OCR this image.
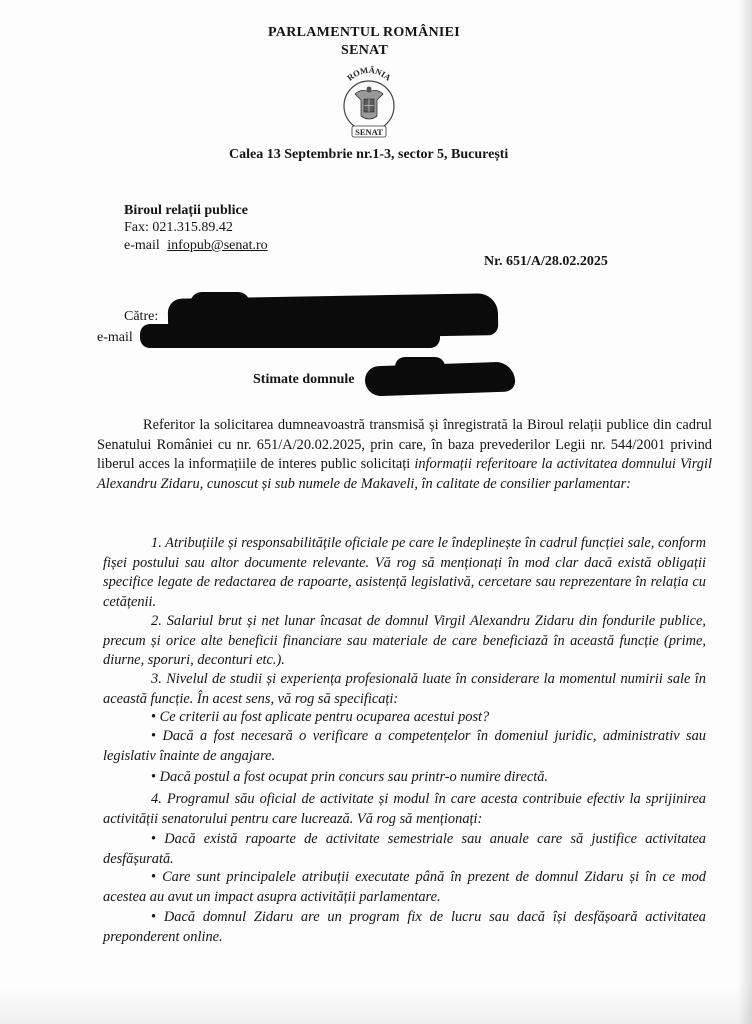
PARLAMENTUL ROMÂNIEI
SENAT
ROMÂNIA
SENAT
Calea 13 Septembrie nr.1-3, sector 5, București
Biroul relații publice
Fax: 021.315.89.42
e-mail infopub@senat.ro
Nr. 651/A/28.02.2025
Către:
e-mail
Stimate domnule
Referitor la solicitarea dumneavoastră transmisă și înregistrată la Biroul relații publice din cadrul Senatului României cu nr. 651/A/20.02.2025, prin care, în baza prevederilor Legii nr. 544/2001 privind liberul acces la informațiile de interes public solicitați informații referitoare la activitatea domnului Virgil Alexandru Zidaru, cunoscut și sub numele de Makaveli, în calitate de consilier parlamentar:
1. Atribuțiile și responsabilitățile oficiale pe care le îndeplinește în cadrul funcției sale, conform fișei postului sau altor documente relevante. Vă rog să menționați în mod clar dacă există obligații specifice legate de redactarea de rapoarte, asistență legislativă, cercetare sau reprezentare în relația cu cetățenii.
2. Salariul brut și net lunar încasat de domnul Virgil Alexandru Zidaru din fondurile publice, precum și orice alte beneficii financiare sau materiale de care beneficiază în această funcție (prime, diurne, sporuri, deconturi etc.).
3. Nivelul de studii și experiența profesională luate în considerare la momentul numirii sale în această funcție. În acest sens, vă rog să specificați:
• Ce criterii au fost aplicate pentru ocuparea acestui post?
• Dacă a fost necesară o verificare a competențelor în domeniul juridic, administrativ sau legislativ înainte de angajare.
• Dacă postul a fost ocupat prin concurs sau printr-o numire directă.
4. Programul său oficial de activitate și modul în care acesta contribuie efectiv la sprijinirea activității senatorului pentru care lucrează. Vă rog să menționați:
• Dacă există rapoarte de activitate semestriale sau anuale care să justifice activitatea desfășurată.
• Care sunt principalele atribuții executate până în prezent de domnul Zidaru și în ce mod acestea au avut un impact asupra activității parlamentare.
• Dacă domnul Zidaru are un program fix de lucru sau dacă își desfășoară activitatea preponderent online.
